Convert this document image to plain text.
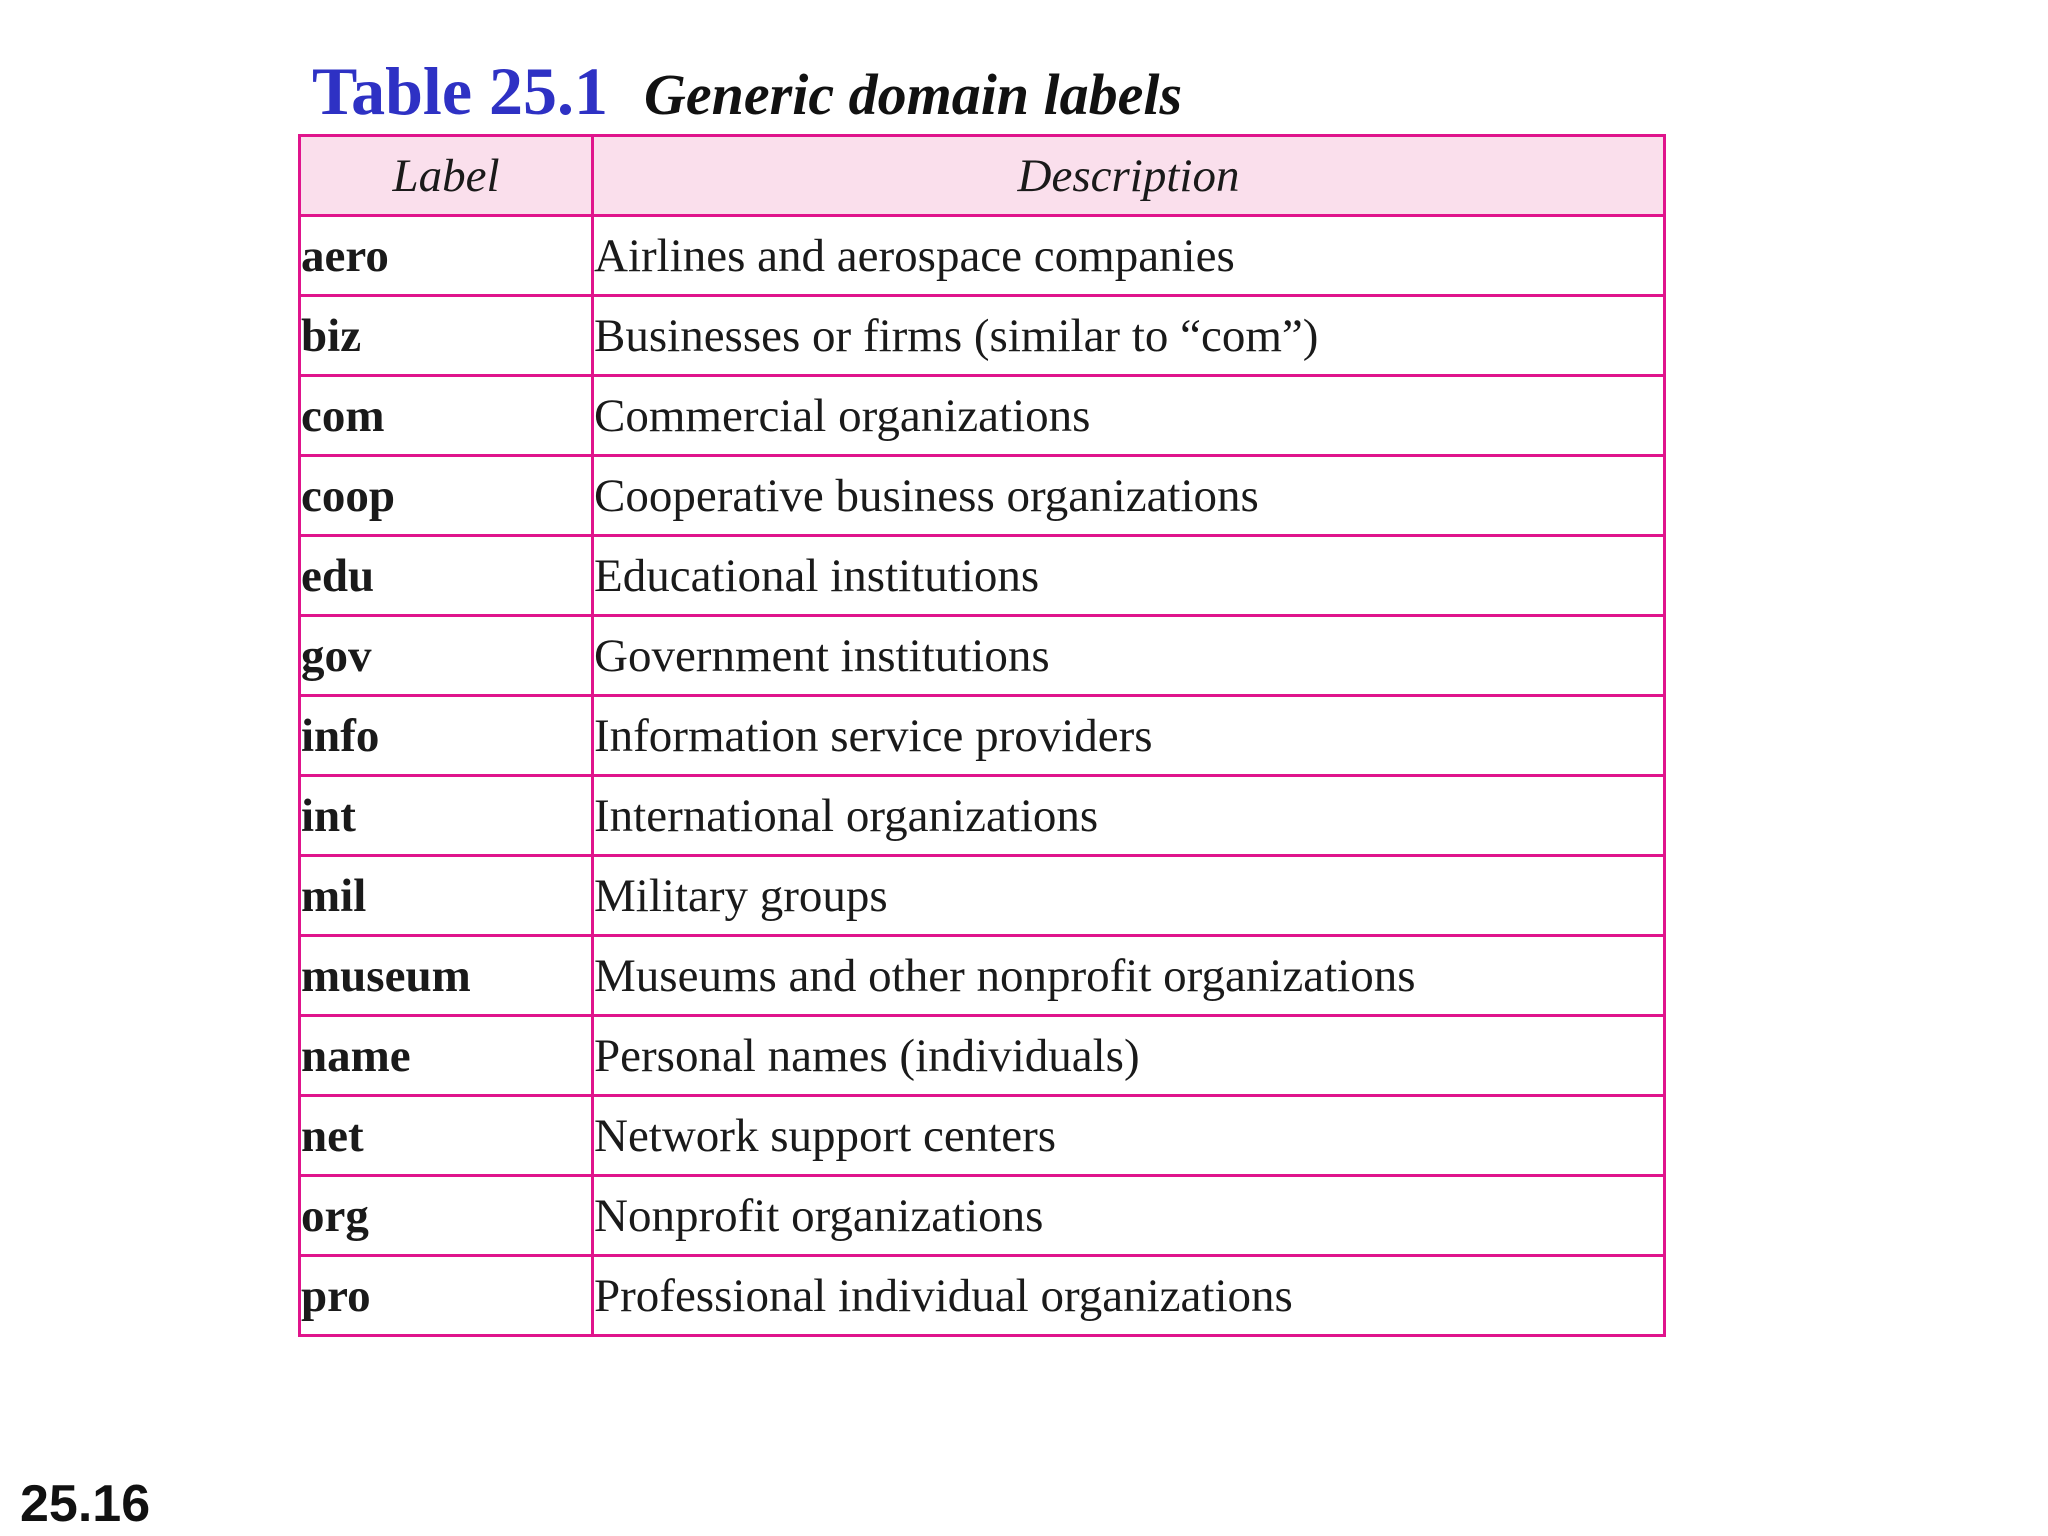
Table 25.1 Generic domain labels
Label	Description
aero	Airlines and aerospace companies
biz	Businesses or firms (similar to “com”)
com	Commercial organizations
coop	Cooperative business organizations
edu	Educational institutions
gov	Government institutions
info	Information service providers
int	International organizations
mil	Military groups
museum	Museums and other nonprofit organizations
name	Personal names (individuals)
net	Network support centers
org	Nonprofit organizations
pro	Professional individual organizations
25.16
